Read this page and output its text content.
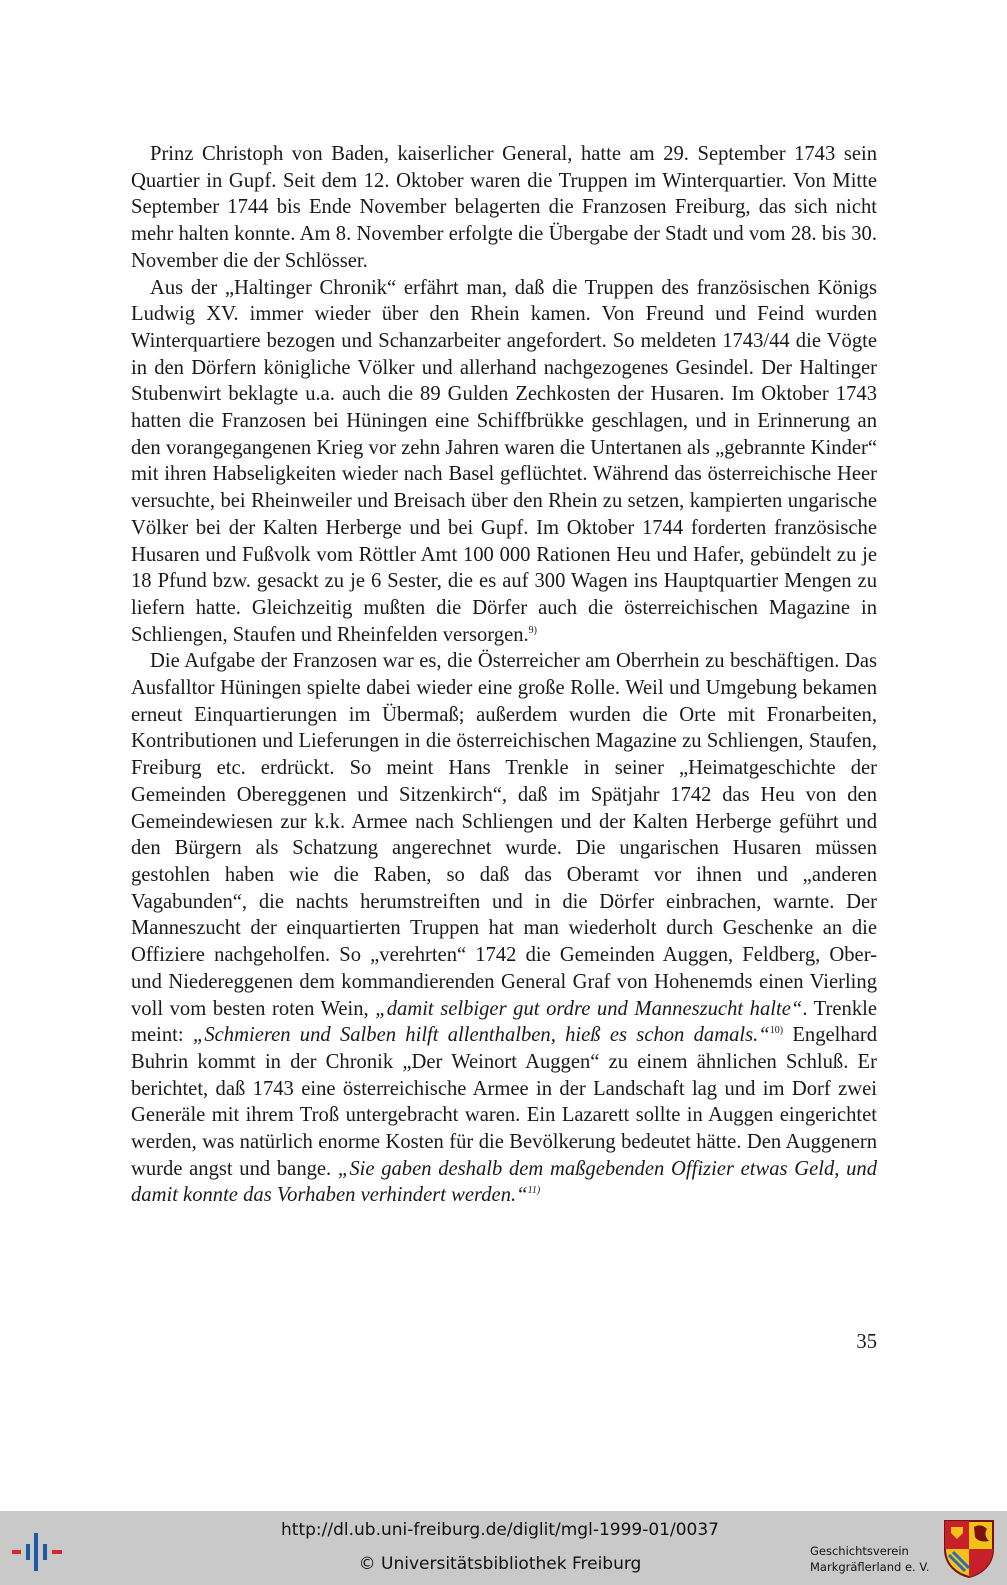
Prinz Christoph von Baden, kaiserlicher General, hatte am 29. September 1743 sein Quartier in Gupf. Seit dem 12. Oktober waren die Truppen im Winterquartier. Von Mitte September 1744 bis Ende November belagerten die Franzosen Freiburg, das sich nicht mehr halten konnte. Am 8. November erfolgte die Übergabe der Stadt und vom 28. bis 30. November die der Schlösser.

Aus der „Haltinger Chronik“ erfährt man, daß die Truppen des französischen Königs Ludwig XV. immer wieder über den Rhein kamen. Von Freund und Feind wurden Winterquartiere bezogen und Schanzarbeiter angefordert. So meldeten 1743/44 die Vögte in den Dörfern königliche Völker und allerhand nachgezogenes Gesindel. Der Haltinger Stubenwirt beklagte u.a. auch die 89 Gulden Zechkosten der Husaren. Im Oktober 1743 hatten die Franzosen bei Hüningen eine Schiffbrükke geschlagen, und in Erinnerung an den vorangegangenen Krieg vor zehn Jahren waren die Untertanen als „gebrannte Kinder“ mit ihren Habseligkeiten wieder nach Basel geflüchtet. Während das österreichische Heer versuchte, bei Rheinweiler und Breisach über den Rhein zu setzen, kampierten ungarische Völker bei der Kalten Herberge und bei Gupf. Im Oktober 1744 forderten französische Husaren und Fußvolk vom Röttler Amt 100 000 Rationen Heu und Hafer, gebündelt zu je 18 Pfund bzw. gesackt zu je 6 Sester, die es auf 300 Wagen ins Hauptquartier Mengen zu liefern hatte. Gleichzeitig mußten die Dörfer auch die österreichischen Magazine in Schliengen, Staufen und Rheinfelden versorgen.$^{9)}$

Die Aufgabe der Franzosen war es, die Österreicher am Oberrhein zu beschäftigen. Das Ausfalltor Hüningen spielte dabei wieder eine große Rolle. Weil und Umgebung bekamen erneut Einquartierungen im Übermaß; außerdem wurden die Orte mit Fronarbeiten, Kontributionen und Lieferungen in die österreichischen Magazine zu Schliengen, Staufen, Freiburg etc. erdrückt. So meint Hans Trenkle in seiner „Heimatgeschichte der Gemeinden Obereggenen und Sitzenkirch“, daß im Spätjahr 1742 das Heu von den Gemeindewiesen zur k.k. Armee nach Schliengen und der Kalten Herberge geführt und den Bürgern als Schatzung angerechnet wurde. Die ungarischen Husaren müssen gestohlen haben wie die Raben, so daß das Oberamt vor ihnen und „anderen Vagabunden“, die nachts herumstreiften und in die Dörfer einbrachen, warnte. Der Manneszucht der einquartierten Truppen hat man wiederholt durch Geschenke an die Offiziere nachgeholfen. So „verehrten“ 1742 die Gemeinden Auggen, Feldberg, Ober- und Niedereggenen dem kommandierenden General Graf von Hohenemds einen Vierling voll vom besten roten Wein, „damit selbiger gut ordre und Manneszucht halte“. Trenkle meint: „Schmieren und Salben hilft allenthalben, hieß es schon damals.“$^{10)}$ Engelhard Buhrin kommt in der Chronik „Der Weinort Auggen“ zu einem ähnlichen Schluß. Er berichtet, daß 1743 eine österreichische Armee in der Landschaft lag und im Dorf zwei Generäle mit ihrem Troß untergebracht waren. Ein Lazarett sollte in Auggen eingerichtet werden, was natürlich enorme Kosten für die Bevölkerung bedeutet hätte. Den Auggenern wurde angst und bange. „Sie gaben deshalb dem maßgebenden Offizier etwas Geld, und damit konnte das Vorhaben verhindert werden.“$^{11)}$

35
http://dl.ub.uni-freiburg.de/diglit/mgl-1999-01/0037
© Universitätsbibliothek Freiburg
Geschichtsverein
Markgräflerland e. V.
